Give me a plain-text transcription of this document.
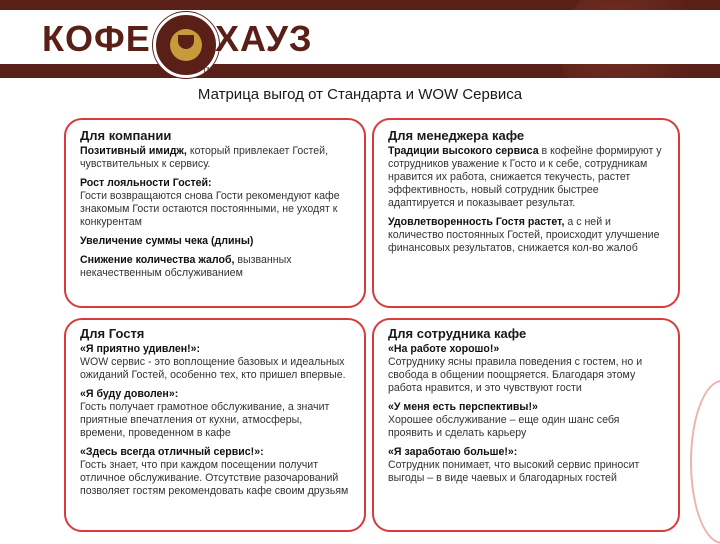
КОФЕ ХАУЗ
TM
Матрица выгод от Стандарта и WOW Сервиса
Для компании
Позитивный имидж, который привлекает Гостей, чувствительных к сервису.
Рост лояльности Гостей:
Гости возвращаются снова Гости рекомендуют кафе знакомым Гости остаются постоянными, не уходят к конкурентам
Увеличение суммы чека (длины)
Снижение количества жалоб, вызванных некачественным обслуживанием
Для менеджера кафе
Традиции высокого сервиса в кофейне формируют у сотрудников уважение к Госто и к себе, сотрудникам нравится их работа, снижается текучесть, растет эффективность, новый сотрудник быстрее адаптируется и показывает результат.
Удовлетворенность Гостя растет, а с ней и количество постоянных Гостей, происходит улучшение финансовых результатов, снижается кол-во жалоб
Для Гостя
«Я приятно удивлен!»:
WOW сервис - это воплощение базовых и идеальных ожиданий Гостей, особенно тех, кто пришел впервые.
«Я буду доволен»:
Гость получает грамотное обслуживание, а значит приятные впечатления от кухни, атмосферы, времени, проведенном в кафе
«Здесь всегда отличный сервис!»:
Гость знает, что при каждом посещении получит отличное обслуживание. Отсутствие разочарований позволяет гостям рекомендовать кафе своим друзьям
Для сотрудника кафе
«На работе хорошо!»
Сотруднику ясны правила поведения с гостем, но и свобода в общении поощряется. Благодаря этому работа нравится, и это чувствуют гости
«У меня есть перспективы!»
Хорошее обслуживание – еще один шанс себя проявить и сделать карьеру
«Я заработаю больше!»:
Сотрудник понимает, что высокий сервис приносит выгоды – в виде чаевых и благодарных гостей
